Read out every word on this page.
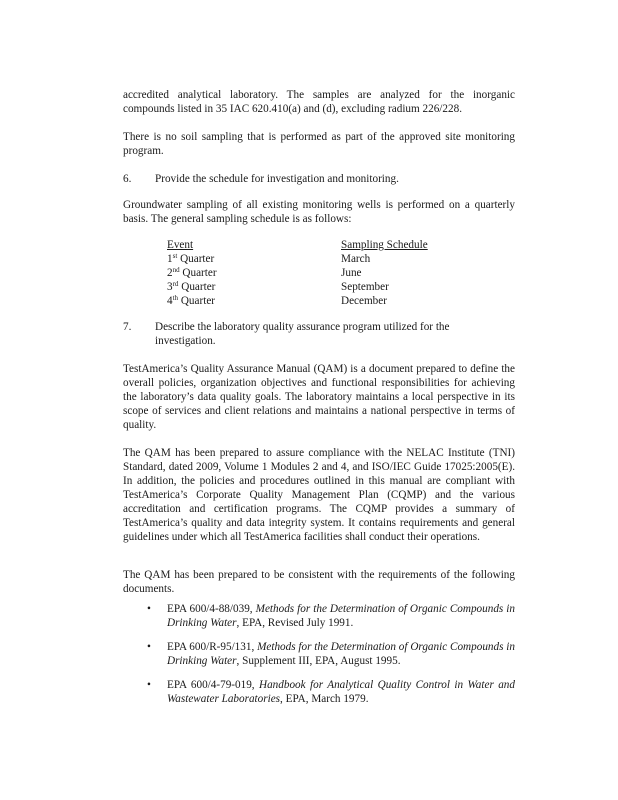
accredited analytical laboratory. The samples are analyzed for the inorganic compounds listed in 35 IAC 620.410(a) and (d), excluding radium 226/228.

There is no soil sampling that is performed as part of the approved site monitoring program.

6.	Provide the schedule for investigation and monitoring.

Groundwater sampling of all existing monitoring wells is performed on a quarterly basis. The general sampling schedule is as follows:

Event	Sampling Schedule
1st Quarter	March
2nd Quarter	June
3rd Quarter	September
4th Quarter	December
7.	Describe the laboratory quality assurance program utilized for the investigation.

TestAmerica’s Quality Assurance Manual (QAM) is a document prepared to define the overall policies, organization objectives and functional responsibilities for achieving the laboratory’s data quality goals. The laboratory maintains a local perspective in its scope of services and client relations and maintains a national perspective in terms of quality.

The QAM has been prepared to assure compliance with the NELAC Institute (TNI) Standard, dated 2009, Volume 1 Modules 2 and 4, and ISO/IEC Guide 17025:2005(E). In addition, the policies and procedures outlined in this manual are compliant with TestAmerica’s Corporate Quality Management Plan (CQMP) and the various accreditation and certification programs. The CQMP provides a summary of TestAmerica’s quality and data integrity system. It contains requirements and general guidelines under which all TestAmerica facilities shall conduct their operations.

The QAM has been prepared to be consistent with the requirements of the following documents.

• EPA 600/4-88/039, Methods for the Determination of Organic Compounds in Drinking Water, EPA, Revised July 1991.
• EPA 600/R-95/131, Methods for the Determination of Organic Compounds in Drinking Water, Supplement III, EPA, August 1995.
• EPA 600/4-79-019, Handbook for Analytical Quality Control in Water and Wastewater Laboratories, EPA, March 1979.
